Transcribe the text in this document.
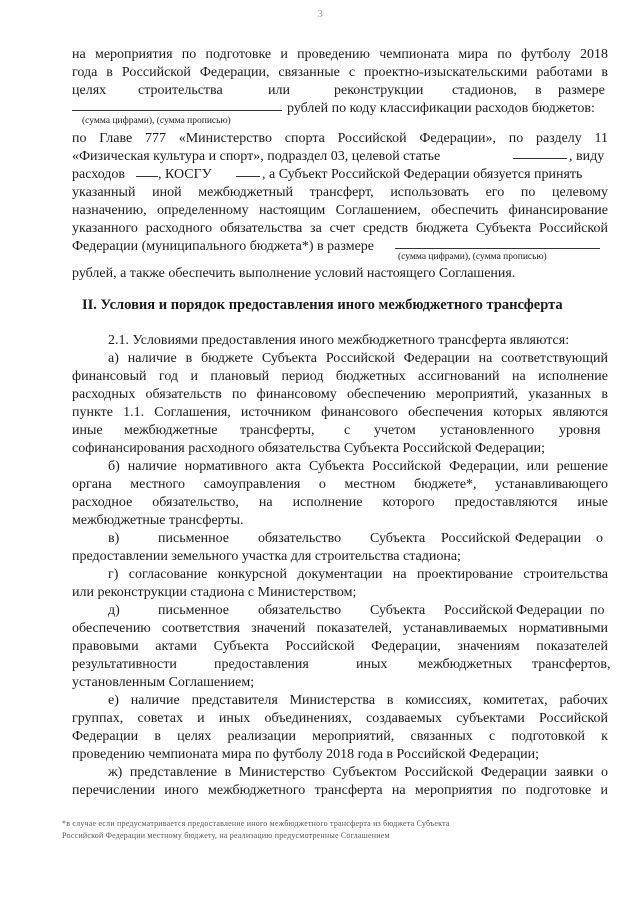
3
на мероприятия по подготовке и проведению чемпионата мира по футболу 2018
года в Российской Федерации, связанные с проектно-изыскательскими работами в
целях строительства	или	реконструкции стадионов, в размере
рублей по коду классификации расходов бюджетов:
(сумма цифрами), (сумма прописью)
по Главе 777 «Министерство спорта Российской Федерации», по разделу 11
«Физическая культура и спорт», подраздел 03, целевой статье	, виду
расходов , КОСГУ	, а Субъект Российской Федерации обязуется принять
указанный иной межбюджетный трансферт, использовать его по целевому
назначению, определенному настоящим Соглашением, обеспечить финансирование
указанного расходного обязательства за счет средств бюджета Субъекта Российской
Федерации (муниципального бюджета*) в размере
(сумма цифрами), (сумма прописью)
рублей, а также обеспечить выполнение условий настоящего Соглашения.
II. Условия и порядок предоставления иного межбюджетного трансферта
2.1. Условиями предоставления иного межбюджетного трансферта являются:
а) наличие в бюджете Субъекта Российской Федерации на соответствующий
финансовый год и плановый период бюджетных ассигнований на исполнение
расходных обязательств по финансовому обеспечению мероприятий, указанных в
пункте 1.1. Соглашения, источником финансового обеспечения которых являются
иные межбюджетные трансферты, с учетом установленного уровня
софинансирования расходного обязательства Субъекта Российской Федерации;
б) наличие нормативного акта Субъекта Российской Федерации, или решение
органа местного самоуправления о местном бюджете*, устанавливающего
расходное обязательство, на исполнение которого предоставляются иные
межбюджетные трансферты.
в)	письменное обязательство Субъекта Российской Федерации о
предоставлении земельного участка для строительства стадиона;
г) согласование конкурсной документации на проектирование строительства
или реконструкции стадиона с Министерством;
д)	письменное обязательство Субъекта Российской Федерации по
обеспечению соответствия значений показателей, устанавливаемых нормативными
правовыми актами Субъекта Российской Федерации, значениям показателей
результативности	предоставления	иных межбюджетных трансфертов,
установленным Соглашением;
е) наличие представителя Министерства в комиссиях, комитетах, рабочих
группах, советах и иных объединениях, создаваемых субъектами Российской
Федерации в целях реализации мероприятий, связанных с подготовкой к
проведению чемпионата мира по футболу 2018 года в Российской Федерации;
ж) представление в Министерство Субъектом Российской Федерации заявки о
перечислении иного межбюджетного трансферта на мероприятия по подготовке и
*в случае если предусматривается предоставление иного межбюджетного трансферта из бюджета Субъекта
Российской Федерации местному бюджету, на реализацию предусмотренные Соглашением
